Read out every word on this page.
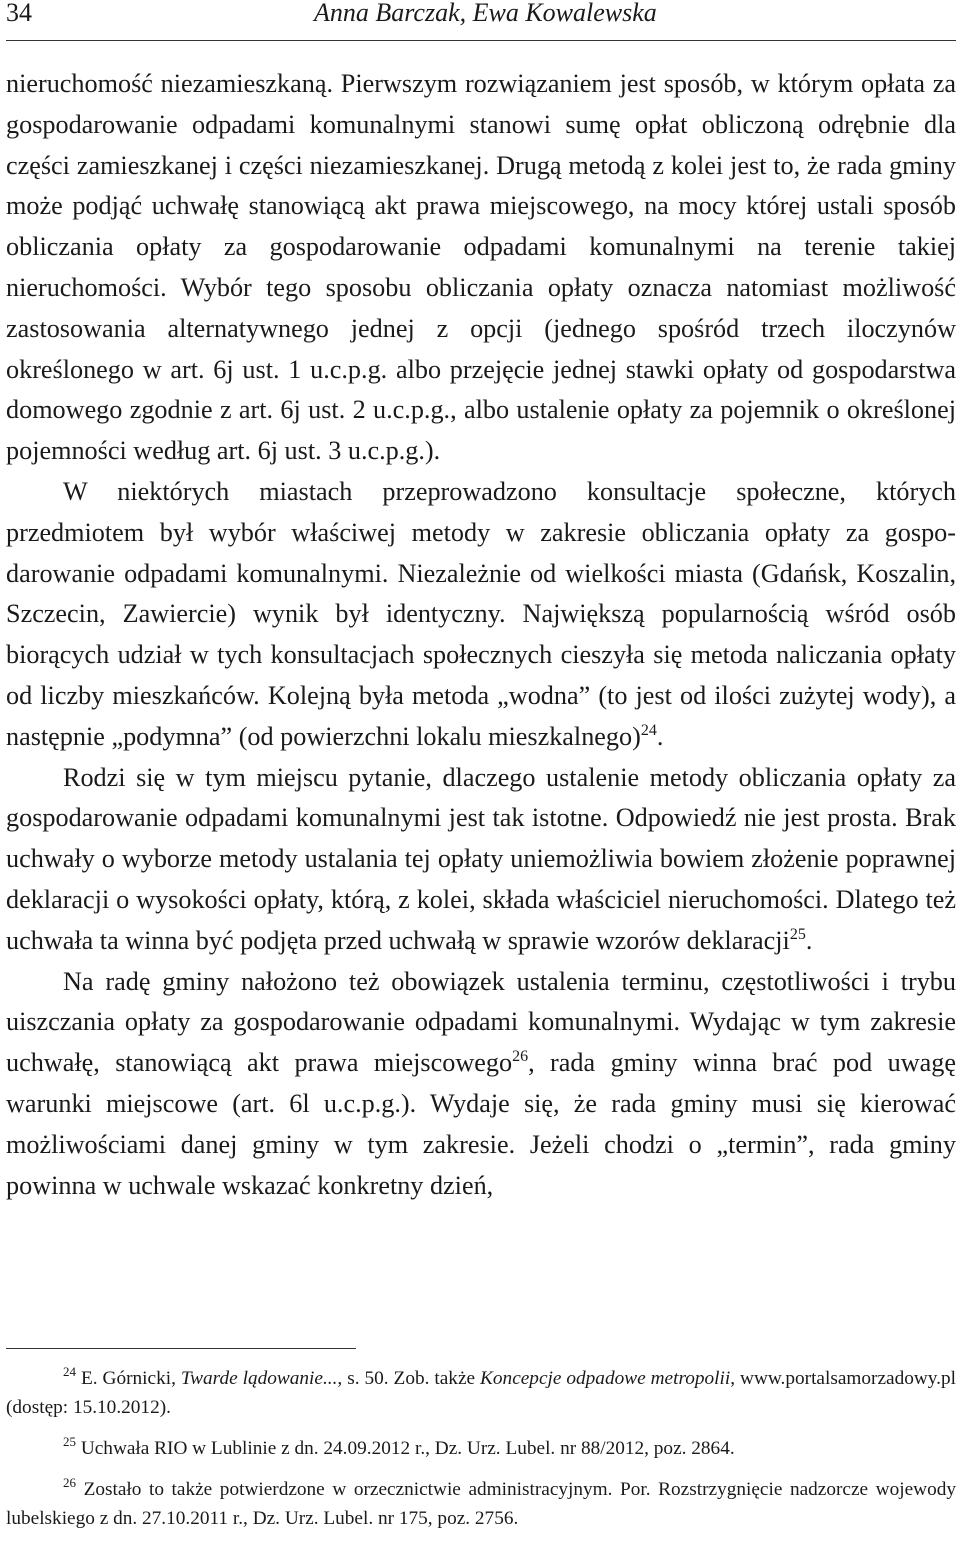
34	Anna Barczak, Ewa Kowalewska

nieruchomość niezamieszkaną. Pierwszym rozwiązaniem jest sposób, w którym opłata za gospodarowanie odpadami komunalnymi stanowi sumę opłat obliczoną odrębnie dla części zamieszkanej i części niezamieszkanej. Drugą metodą z kolei jest to, że rada gminy może podjąć uchwałę stanowiącą akt prawa miejscowego, na mocy której ustali sposób obliczania opłaty za gospodarowanie odpadami komunalnymi na terenie takiej nieruchomości. Wybór tego sposobu obliczania opłaty oznacza natomiast możliwość zastosowania alternatywnego jednej z opcji (jednego spośród trzech iloczynów określonego w art. 6j ust. 1 u.c.p.g. albo przejęcie jednej stawki opłaty od gospodarstwa domowego zgodnie z art. 6j ust. 2 u.c.p.g., albo ustalenie opłaty za pojemnik o określonej pojemności według art. 6j ust. 3 u.c.p.g.).

W niektórych miastach przeprowadzono konsultacje społeczne, których przedmiotem był wybór właściwej metody w zakresie obliczania opłaty za gospodarowanie odpadami komunalnymi. Niezależnie od wielkości miasta (Gdańsk, Koszalin, Szczecin, Zawiercie) wynik był identyczny. Największą popularnością wśród osób biorących udział w tych konsultacjach społecznych cieszyła się metoda naliczania opłaty od liczby mieszkańców. Kolejną była metoda „wodna” (to jest od ilości zużytej wody), a następnie „podymna” (od powierzchni lokalu mieszkalnego)$^{24}$.

Rodzi się w tym miejscu pytanie, dlaczego ustalenie metody obliczania opłaty za gospodarowanie odpadami komunalnymi jest tak istotne. Odpowiedź nie jest prosta. Brak uchwały o wyborze metody ustalania tej opłaty uniemożliwia bowiem złożenie poprawnej deklaracji o wysokości opłaty, którą, z kolei, składa właściciel nieruchomości. Dlatego też uchwała ta winna być podjęta przed uchwałą w sprawie wzorów deklaracji$^{25}$.

Na radę gminy nałożono też obowiązek ustalenia terminu, częstotliwości i trybu uiszczania opłaty za gospodarowanie odpadami komunalnymi. Wydając w tym zakresie uchwałę, stanowiącą akt prawa miejscowego$^{26}$, rada gminy winna brać pod uwagę warunki miejscowe (art. 6l u.c.p.g.). Wydaje się, że rada gminy musi się kierować możliwościami danej gminy w tym zakresie. Jeżeli chodzi o „termin”, rada gminy powinna w uchwale wskazać konkretny dzień,

$^{24}$ E. Górnicki, Twarde lądowanie..., s. 50. Zob. także Koncepcje odpadowe metropolii, www.portalsamorzadowy.pl (dostęp: 15.10.2012).

$^{25}$ Uchwała RIO w Lublinie z dn. 24.09.2012 r., Dz. Urz. Lubel. nr 88/2012, poz. 2864.

$^{26}$ Zostało to także potwierdzone w orzecznictwie administracyjnym. Por. Rozstrzygnięcie nadzorcze wojewody lubelskiego z dn. 27.10.2011 r., Dz. Urz. Lubel. nr 175, poz. 2756.
